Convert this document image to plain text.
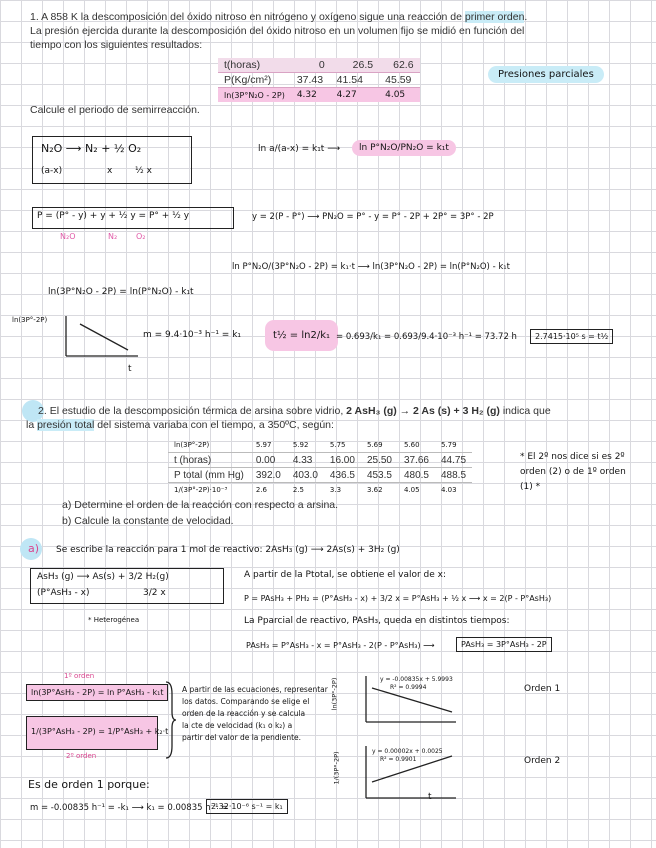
1. A 858 K la descomposición del óxido nitroso en nitrógeno y oxígeno sigue una reacción de primer orden.
La presión ejercida durante la descomposición del óxido nitroso en un volumen fijo se midió en función del
tiempo con los siguientes resultados:
t(horas)	0	26.5	62.6
P(Kg/cm²)	37.43	41.54	45.59
ln(3P°N₂O - 2P)	4.32	4.27	4.05
Presiones parciales
Calcule el periodo de semirreacción.
N₂O ⟶ N₂ + ½ O₂
(a-x)	x	½ x
ln a/(a-x) = k₁t ⟶	ln P°N₂O/PN₂O = k₁t
P = (P° - y) + y + ½ y = P° + ½ y
N₂O	N₂ O₂
y = 2(P - P°) ⟶ PN₂O = P° - y = P° - 2P + 2P° = 3P° - 2P
ln P°N₂O/(3P°N₂O - 2P) = k₁·t ⟶ ln(3P°N₂O - 2P) = ln(P°N₂O) - k₁t
ln(3P°N₂O - 2P) = ln(P°N₂O) - k₁t
ln(3P°-2P)
t
m = 9.4·10⁻³ h⁻¹ = k₁	t½ = ln2/k₁ = 0.693/k₁ = 0.693/9.4·10⁻³ h⁻¹ = 73.72 h	2.7415·10⁵ s = t½
2. El estudio de la descomposición térmica de arsina sobre vidrio, 2 AsH₃ (g) → 2 As (s) + 3 H₂ (g) indica que
la presión total del sistema variaba con el tiempo, a 350ºC, según:
ln(3P°-2P)	5.97	5.92	5.75	5.69	5.60	5.79
t (horas)	0.00	4.33	16.00	25.50	37.66	44.75
P total (mm Hg)	392.0	403.0	436.5	453.5	480.5	488.5
1/(3P°-2P)·10⁻³	2.6	2.5	3.3	3.62	4.05	4.03
* El 2º nos dice si es 2º orden (2) o de 1º orden (1) *
a) Determine el orden de la reacción con respecto a arsina.
b) Calcule la constante de velocidad.
a) Se escribe la reacción para 1 mol de reactivo: 2AsH₃ (g) ⟶ 2As(s) + 3H₂ (g)
AsH₃ (g) ⟶ As(s) + 3/2 H₂(g)
(P°AsH₃ - x)	3/2 x
* Heterogénea
A partir de la Ptotal, se obtiene el valor de x:
P = PAsH₃ + PH₂ = (P°AsH₃ - x) + 3/2 x = P°AsH₃ + ½ x ⟶ x = 2(P - P°AsH₃)
La Pparcial de reactivo, PAsH₃, queda en distintos tiempos:
PAsH₃ = P°AsH₃ - x = P°AsH₃ - 2(P - P°AsH₃) ⟶	PAsH₃ = 3P°AsH₃ - 2P
1º orden
ln(3P°AsH₃ - 2P) = ln P°AsH₃ - k₁t
1/(3P°AsH₃ - 2P) = 1/P°AsH₃ + k₂·t
2º orden
A partir de las ecuaciones, representar
los datos. Comparando se elige el
orden de la reacción y se calcula
la cte de velocidad (k₁ o k₂) a
partir del valor de la pendiente.
ln(3P°-2P)	y = -0.00835x + 5.9993
R² = 0.9994	Orden 1
1/(3P°-2P)	y = 0.00002x + 0.0025
R² = 0.9901	Orden 2
t
Es de orden 1 porque:
m = -0.00835 h⁻¹ = -k₁ ⟶ k₁ = 0.00835 h⁻¹ =
2.32·10⁻⁶ s⁻¹ = k₁
